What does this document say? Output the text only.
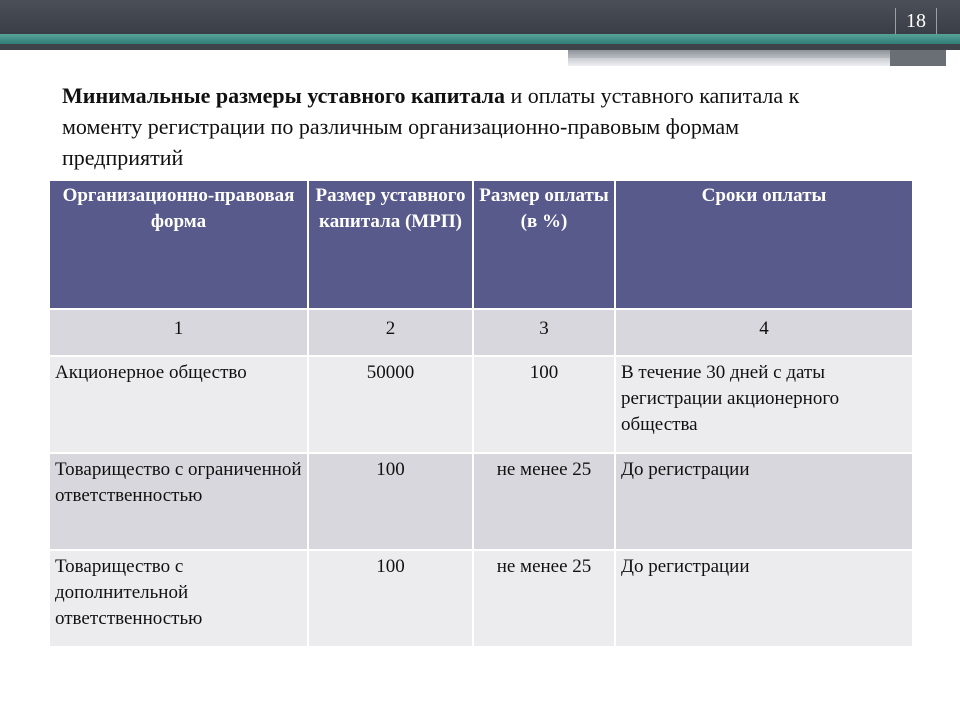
18
Минимальные размеры уставного капитала и оплаты уставного капитала к моменту регистрации по различным организационно-правовым формам предприятий
Организационно-правовая форма	Размер уставного капитала (МРП)	Размер оплаты (в %)	Сроки оплаты
1	2	3	4
Акционерное общество	50000	100	В течение 30 дней с даты регистрации акционерного общества
Товарищество с ограниченной ответственностью	100	не менее 25	До регистрации
Товарищество с дополнительной ответственностью	100	не менее 25	До регистрации
